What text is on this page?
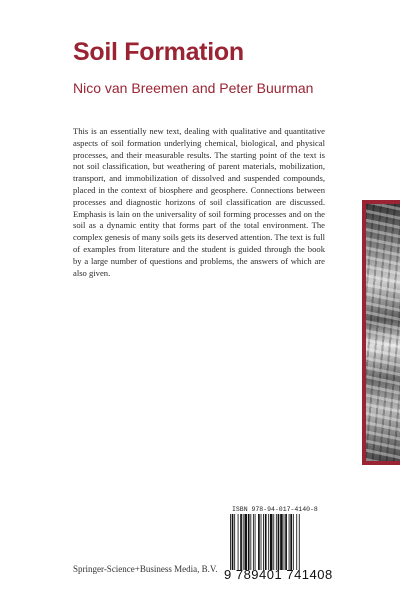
Soil Formation
Nico van Breemen and Peter Buurman

This is an essentially new text, dealing with qualitative and quantitative aspects of soil formation underlying chemical, biological, and physical processes, and their measurable results. The starting point of the text is not soil classification, but weathering of parent materials, mobilization, transport, and immobilization of dissolved and suspended compounds, placed in the context of biosphere and geosphere. Connections between processes and diagnostic horizons of soil classification are discussed. Emphasis is lain on the universality of soil forming processes and on the soil as a dynamic entity that forms part of the total environment. The complex genesis of many soils gets its deserved attention. The text is full of examples from literature and the student is guided through the book by a large number of questions and problems, the answers of which are also given.

ISBN 978-94-017-4140-8
9 789401 741408
Springer-Science+Business Media, B.V.
